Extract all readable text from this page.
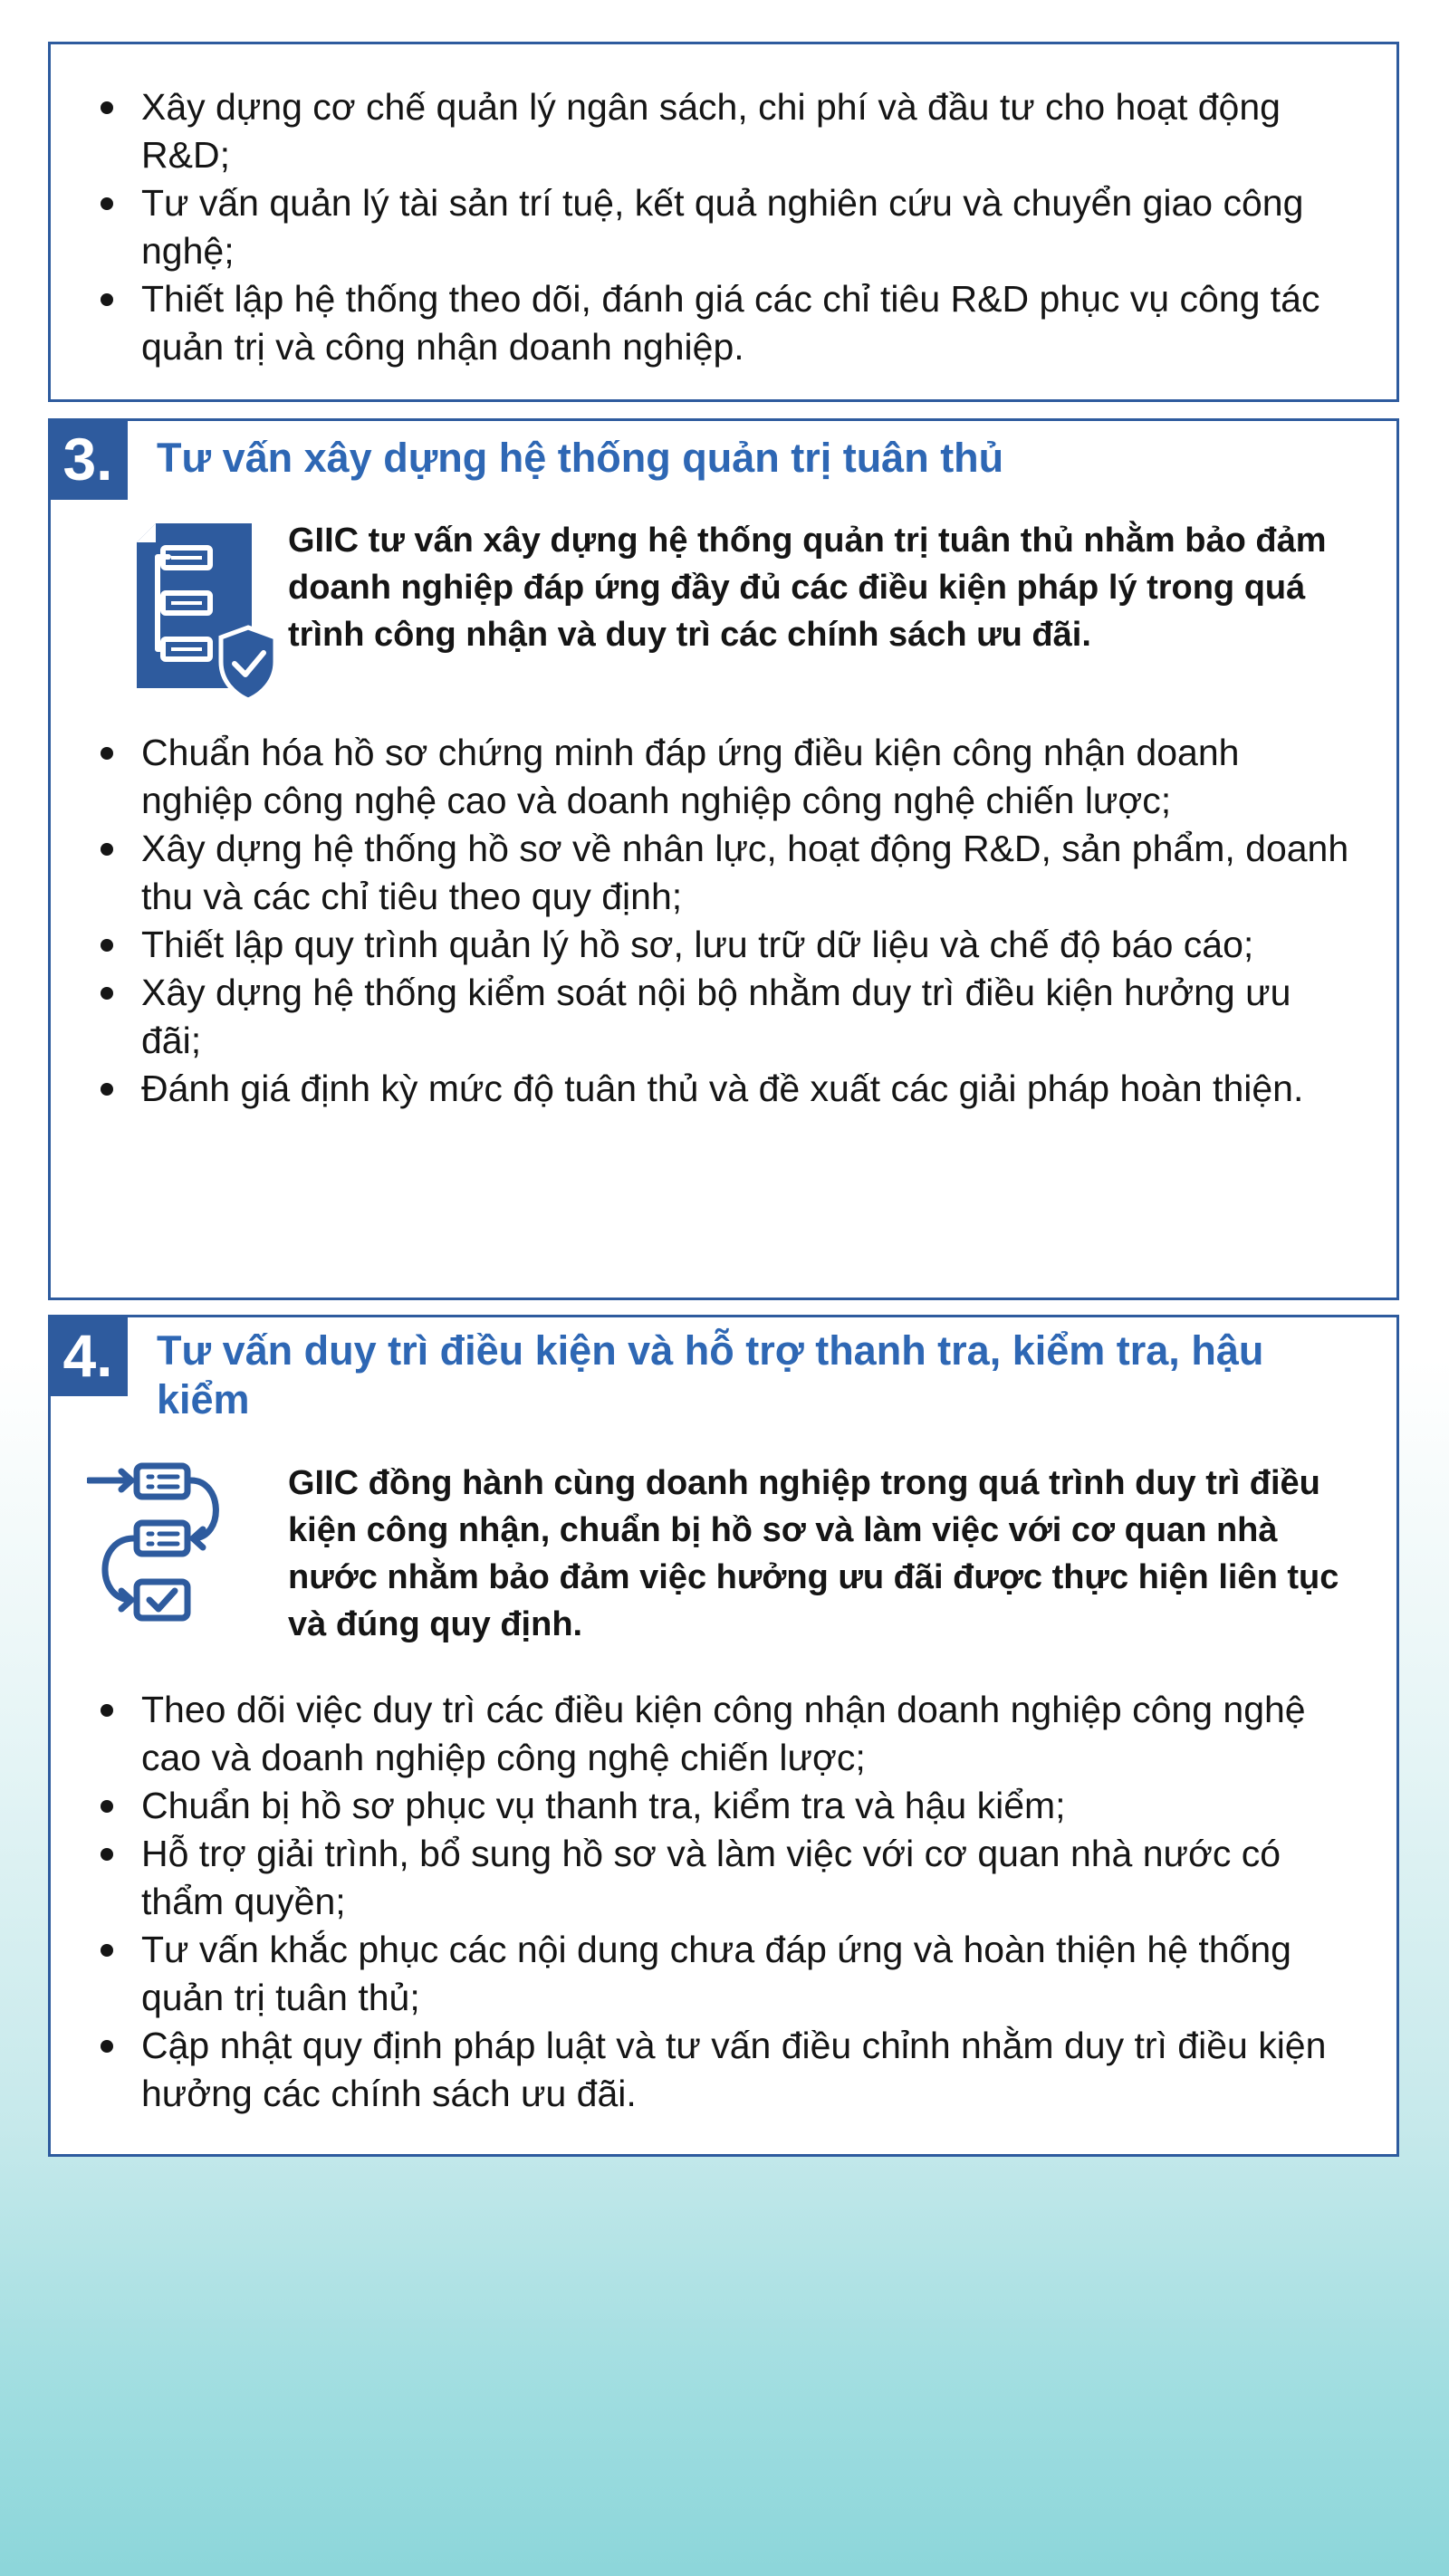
Xây dựng cơ chế quản lý ngân sách, chi phí và đầu tư cho hoạt động R&D;
Tư vấn quản lý tài sản trí tuệ, kết quả nghiên cứu và chuyển giao công nghệ;
Thiết lập hệ thống theo dõi, đánh giá các chỉ tiêu R&D phục vụ công tác quản trị và công nhận doanh nghiệp.
3.	Tư vấn xây dựng hệ thống quản trị tuân thủ

GIIC tư vấn xây dựng hệ thống quản trị tuân thủ nhằm bảo đảm doanh nghiệp đáp ứng đầy đủ các điều kiện pháp lý trong quá trình công nhận và duy trì các chính sách ưu đãi.

Chuẩn hóa hồ sơ chứng minh đáp ứng điều kiện công nhận doanh nghiệp công nghệ cao và doanh nghiệp công nghệ chiến lược;
Xây dựng hệ thống hồ sơ về nhân lực, hoạt động R&D, sản phẩm, doanh thu và các chỉ tiêu theo quy định;
Thiết lập quy trình quản lý hồ sơ, lưu trữ dữ liệu và chế độ báo cáo;
Xây dựng hệ thống kiểm soát nội bộ nhằm duy trì điều kiện hưởng ưu đãi;
Đánh giá định kỳ mức độ tuân thủ và đề xuất các giải pháp hoàn thiện.
4.	Tư vấn duy trì điều kiện và hỗ trợ thanh tra, kiểm tra, hậu kiểm

GIIC đồng hành cùng doanh nghiệp trong quá trình duy trì điều kiện công nhận, chuẩn bị hồ sơ và làm việc với cơ quan nhà nước nhằm bảo đảm việc hưởng ưu đãi được thực hiện liên tục và đúng quy định.

Theo dõi việc duy trì các điều kiện công nhận doanh nghiệp công nghệ cao và doanh nghiệp công nghệ chiến lược;
Chuẩn bị hồ sơ phục vụ thanh tra, kiểm tra và hậu kiểm;
Hỗ trợ giải trình, bổ sung hồ sơ và làm việc với cơ quan nhà nước có thẩm quyền;
Tư vấn khắc phục các nội dung chưa đáp ứng và hoàn thiện hệ thống quản trị tuân thủ;
Cập nhật quy định pháp luật và tư vấn điều chỉnh nhằm duy trì điều kiện hưởng các chính sách ưu đãi.
